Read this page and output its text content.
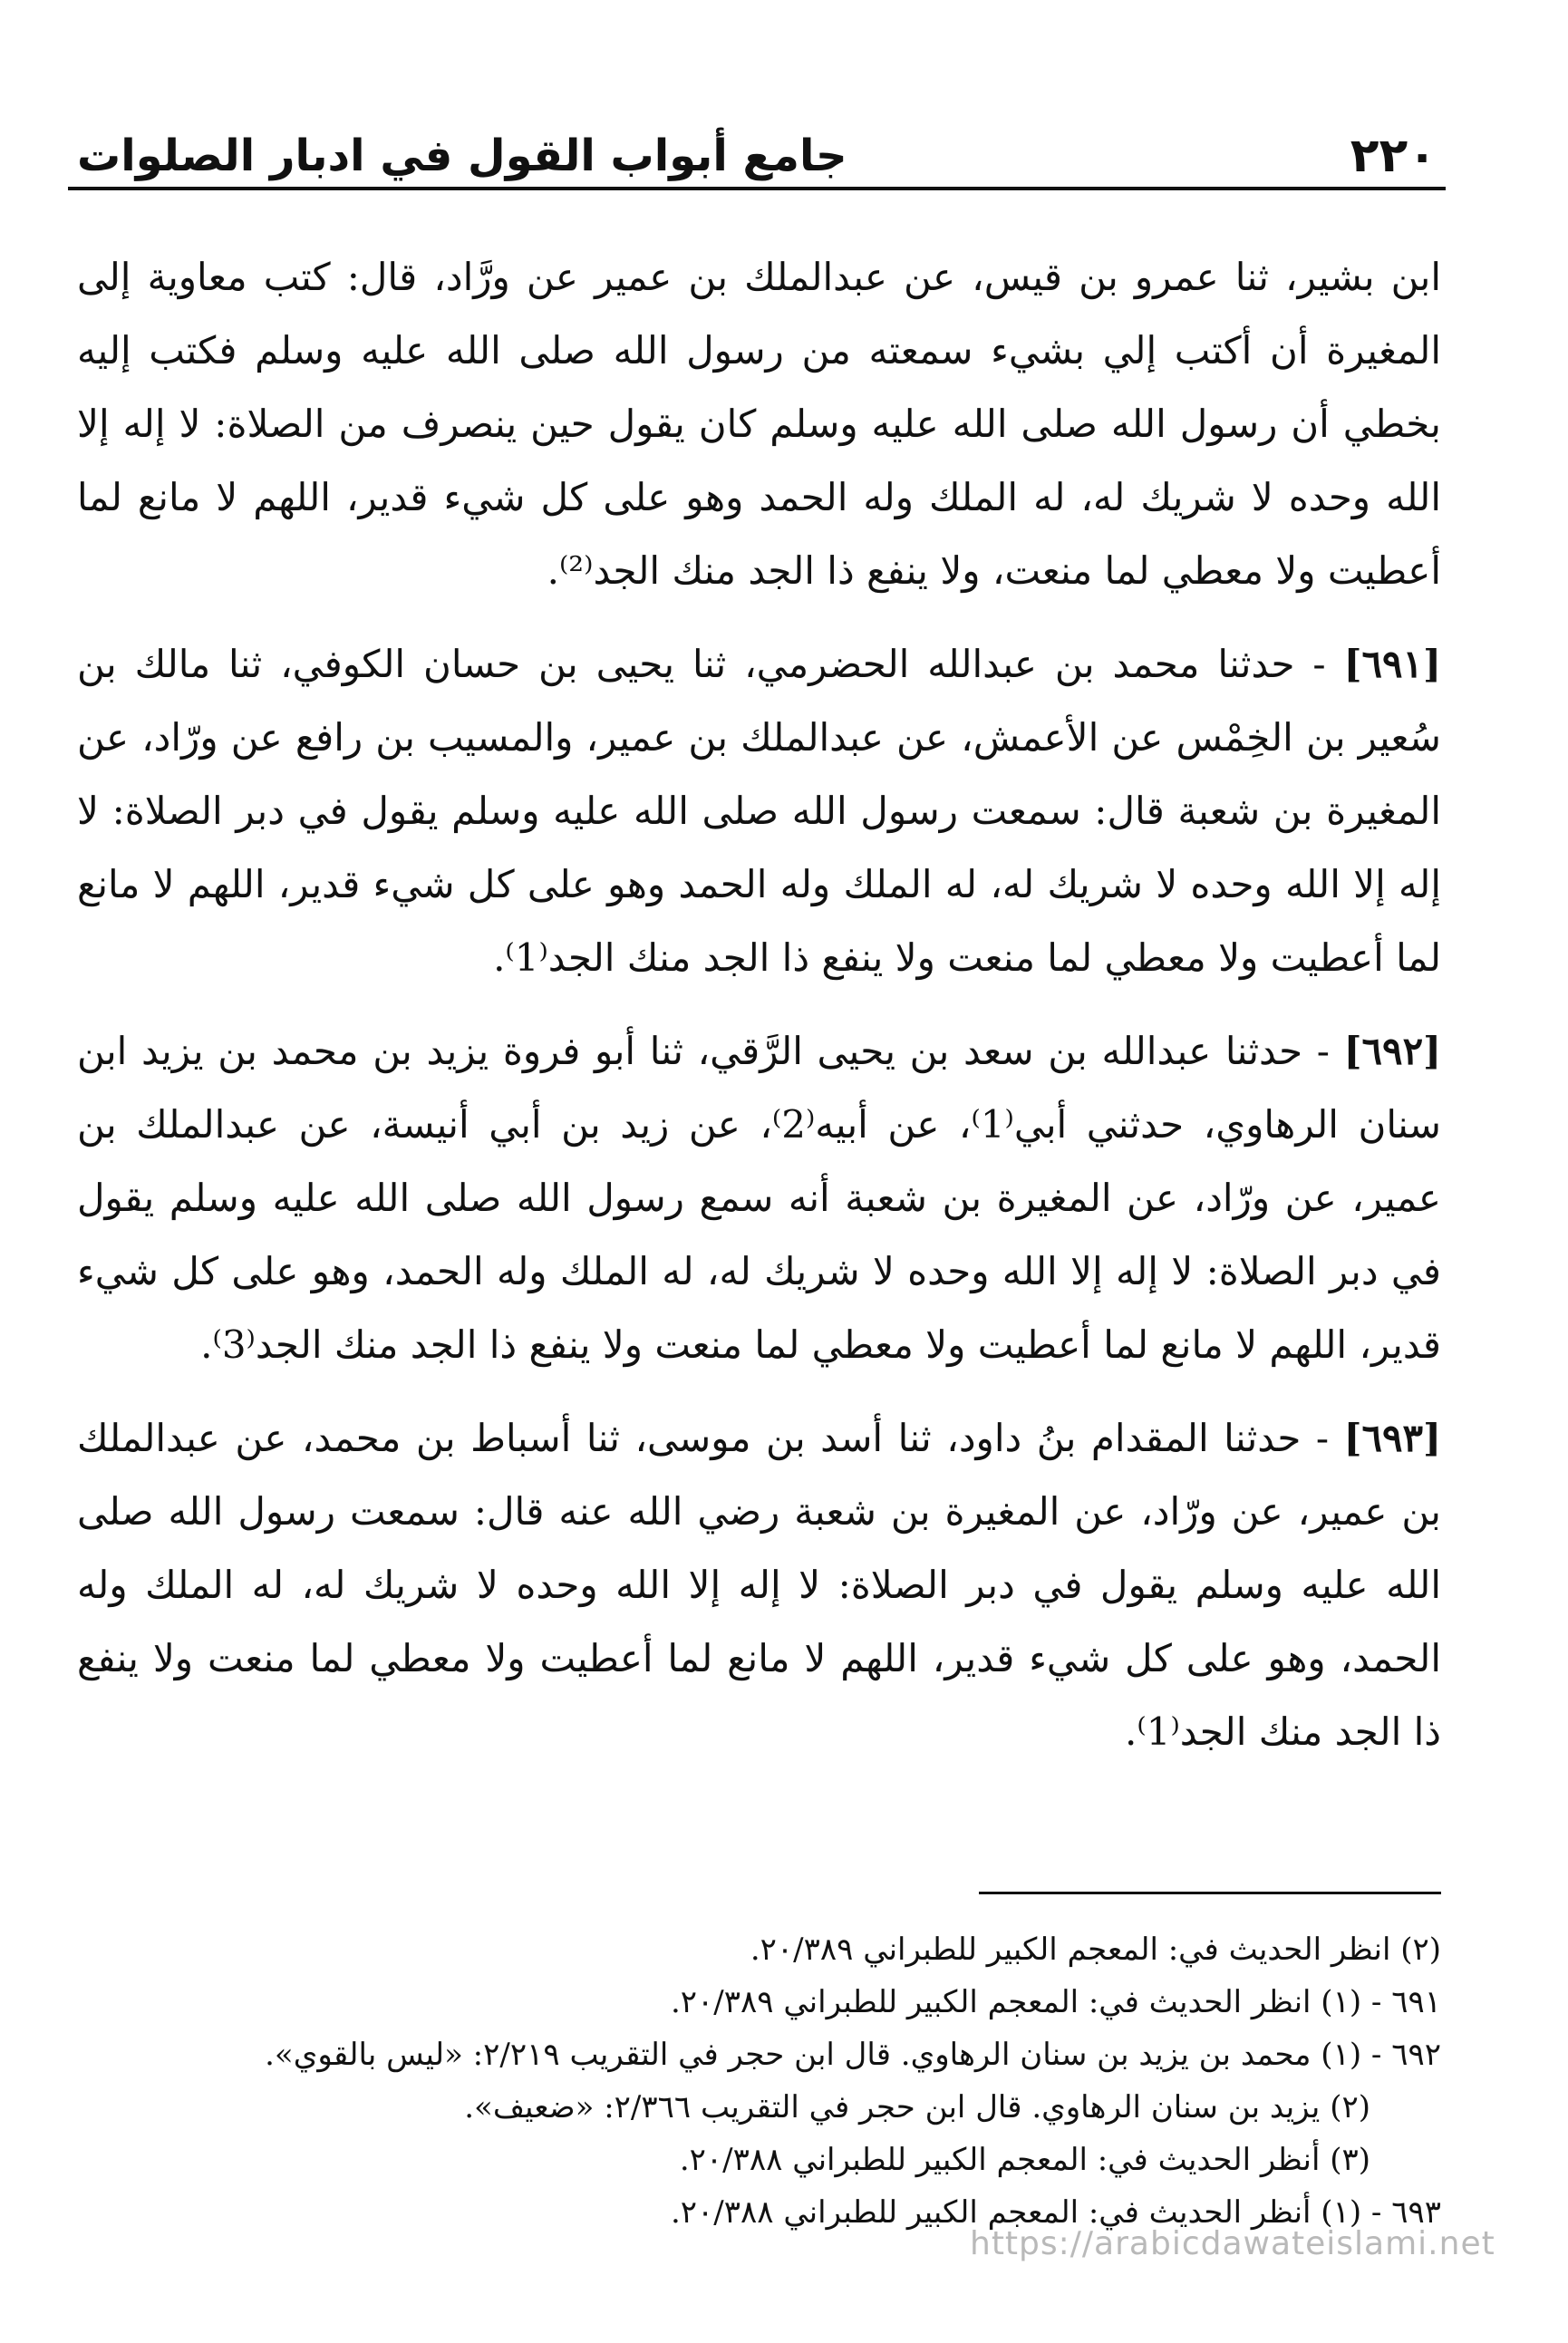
٢٢٠
جامع أبواب القول في ادبار الصلوات

ابن بشير، ثنا عمرو بن قيس، عن عبدالملك بن عمير عن ورَّاد، قال: كتب معاوية إلى المغيرة أن أكتب إلي بشيء سمعته من رسول الله صلى الله عليه وسلم فكتب إليه بخطي أن رسول الله صلى الله عليه وسلم كان يقول حين ينصرف من الصلاة: لا إله إلا الله وحده لا شريك له، له الملك وله الحمد وهو على كل شيء قدير، اللهم لا مانع لما أعطيت ولا معطي لما منعت، ولا ينفع ذا الجد منك الجد⁽²⁾.

[٦٩١] - حدثنا محمد بن عبدالله الحضرمي، ثنا يحيى بن حسان الكوفي، ثنا مالك بن سُعير بن الخِمْس عن الأعمش، عن عبدالملك بن عمير، والمسيب بن رافع عن ورّاد، عن المغيرة بن شعبة قال: سمعت رسول الله صلى الله عليه وسلم يقول في دبر الصلاة: لا إله إلا الله وحده لا شريك له، له الملك وله الحمد وهو على كل شيء قدير، اللهم لا مانع لما أعطيت ولا معطي لما منعت ولا ينفع ذا الجد منك الجد⁽1⁾.

[٦٩٢] - حدثنا عبدالله بن سعد بن يحيى الرَّقي، ثنا أبو فروة يزيد بن محمد بن يزيد ابن سنان الرهاوي، حدثني أبي⁽1⁾، عن أبيه⁽2⁾، عن زيد بن أبي أنيسة، عن عبدالملك بن عمير، عن ورّاد، عن المغيرة بن شعبة أنه سمع رسول الله صلى الله عليه وسلم يقول في دبر الصلاة: لا إله إلا الله وحده لا شريك له، له الملك وله الحمد، وهو على كل شيء قدير، اللهم لا مانع لما أعطيت ولا معطي لما منعت ولا ينفع ذا الجد منك الجد⁽3⁾.

[٦٩٣] - حدثنا المقدام بنُ داود، ثنا أسد بن موسى، ثنا أسباط بن محمد، عن عبدالملك بن عمير، عن ورّاد، عن المغيرة بن شعبة رضي الله عنه قال: سمعت رسول الله صلى الله عليه وسلم يقول في دبر الصلاة: لا إله إلا الله وحده لا شريك له، له الملك وله الحمد، وهو على كل شيء قدير، اللهم لا مانع لما أعطيت ولا معطي لما منعت ولا ينفع ذا الجد منك الجد⁽1⁾.

(٢) انظر الحديث في: المعجم الكبير للطبراني ٢٠/٣٨٩.

٦٩١ - (١) انظر الحديث في: المعجم الكبير للطبراني ٢٠/٣٨٩.

٦٩٢ - (١) محمد بن يزيد بن سنان الرهاوي. قال ابن حجر في التقريب ٢/٢١٩: «ليس بالقوي».

(٢) يزيد بن سنان الرهاوي. قال ابن حجر في التقريب ٢/٣٦٦: «ضعيف».

(٣) أنظر الحديث في: المعجم الكبير للطبراني ٢٠/٣٨٨.

٦٩٣ - (١) أنظر الحديث في: المعجم الكبير للطبراني ٢٠/٣٨٨.

https://arabicdawateislami.net
